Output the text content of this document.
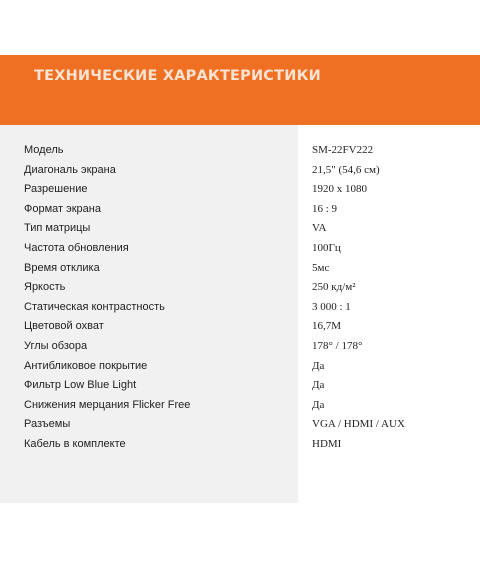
ТЕХНИЧЕСКИЕ ХАРАКТЕРИСТИКИ
Модель
Диагональ экрана
Разрешение
Формат экрана
Тип матрицы
Частота обновления
Время отклика
Яркость
Статическая контрастность
Цветовой охват
Углы обзора
Антибликовое покрытие
Фильтр Low Blue Light
Снижения мерцания Flicker Free
Разъемы
Кабель в комплекте
SM-22FV222
21,5" (54,6 см)
1920 x 1080
16 : 9
VA
100Гц
5мс
250 кд/м²
3 000 : 1
16,7M
178° / 178°
Да
Да
Да
VGA / HDMI / AUX
HDMI
